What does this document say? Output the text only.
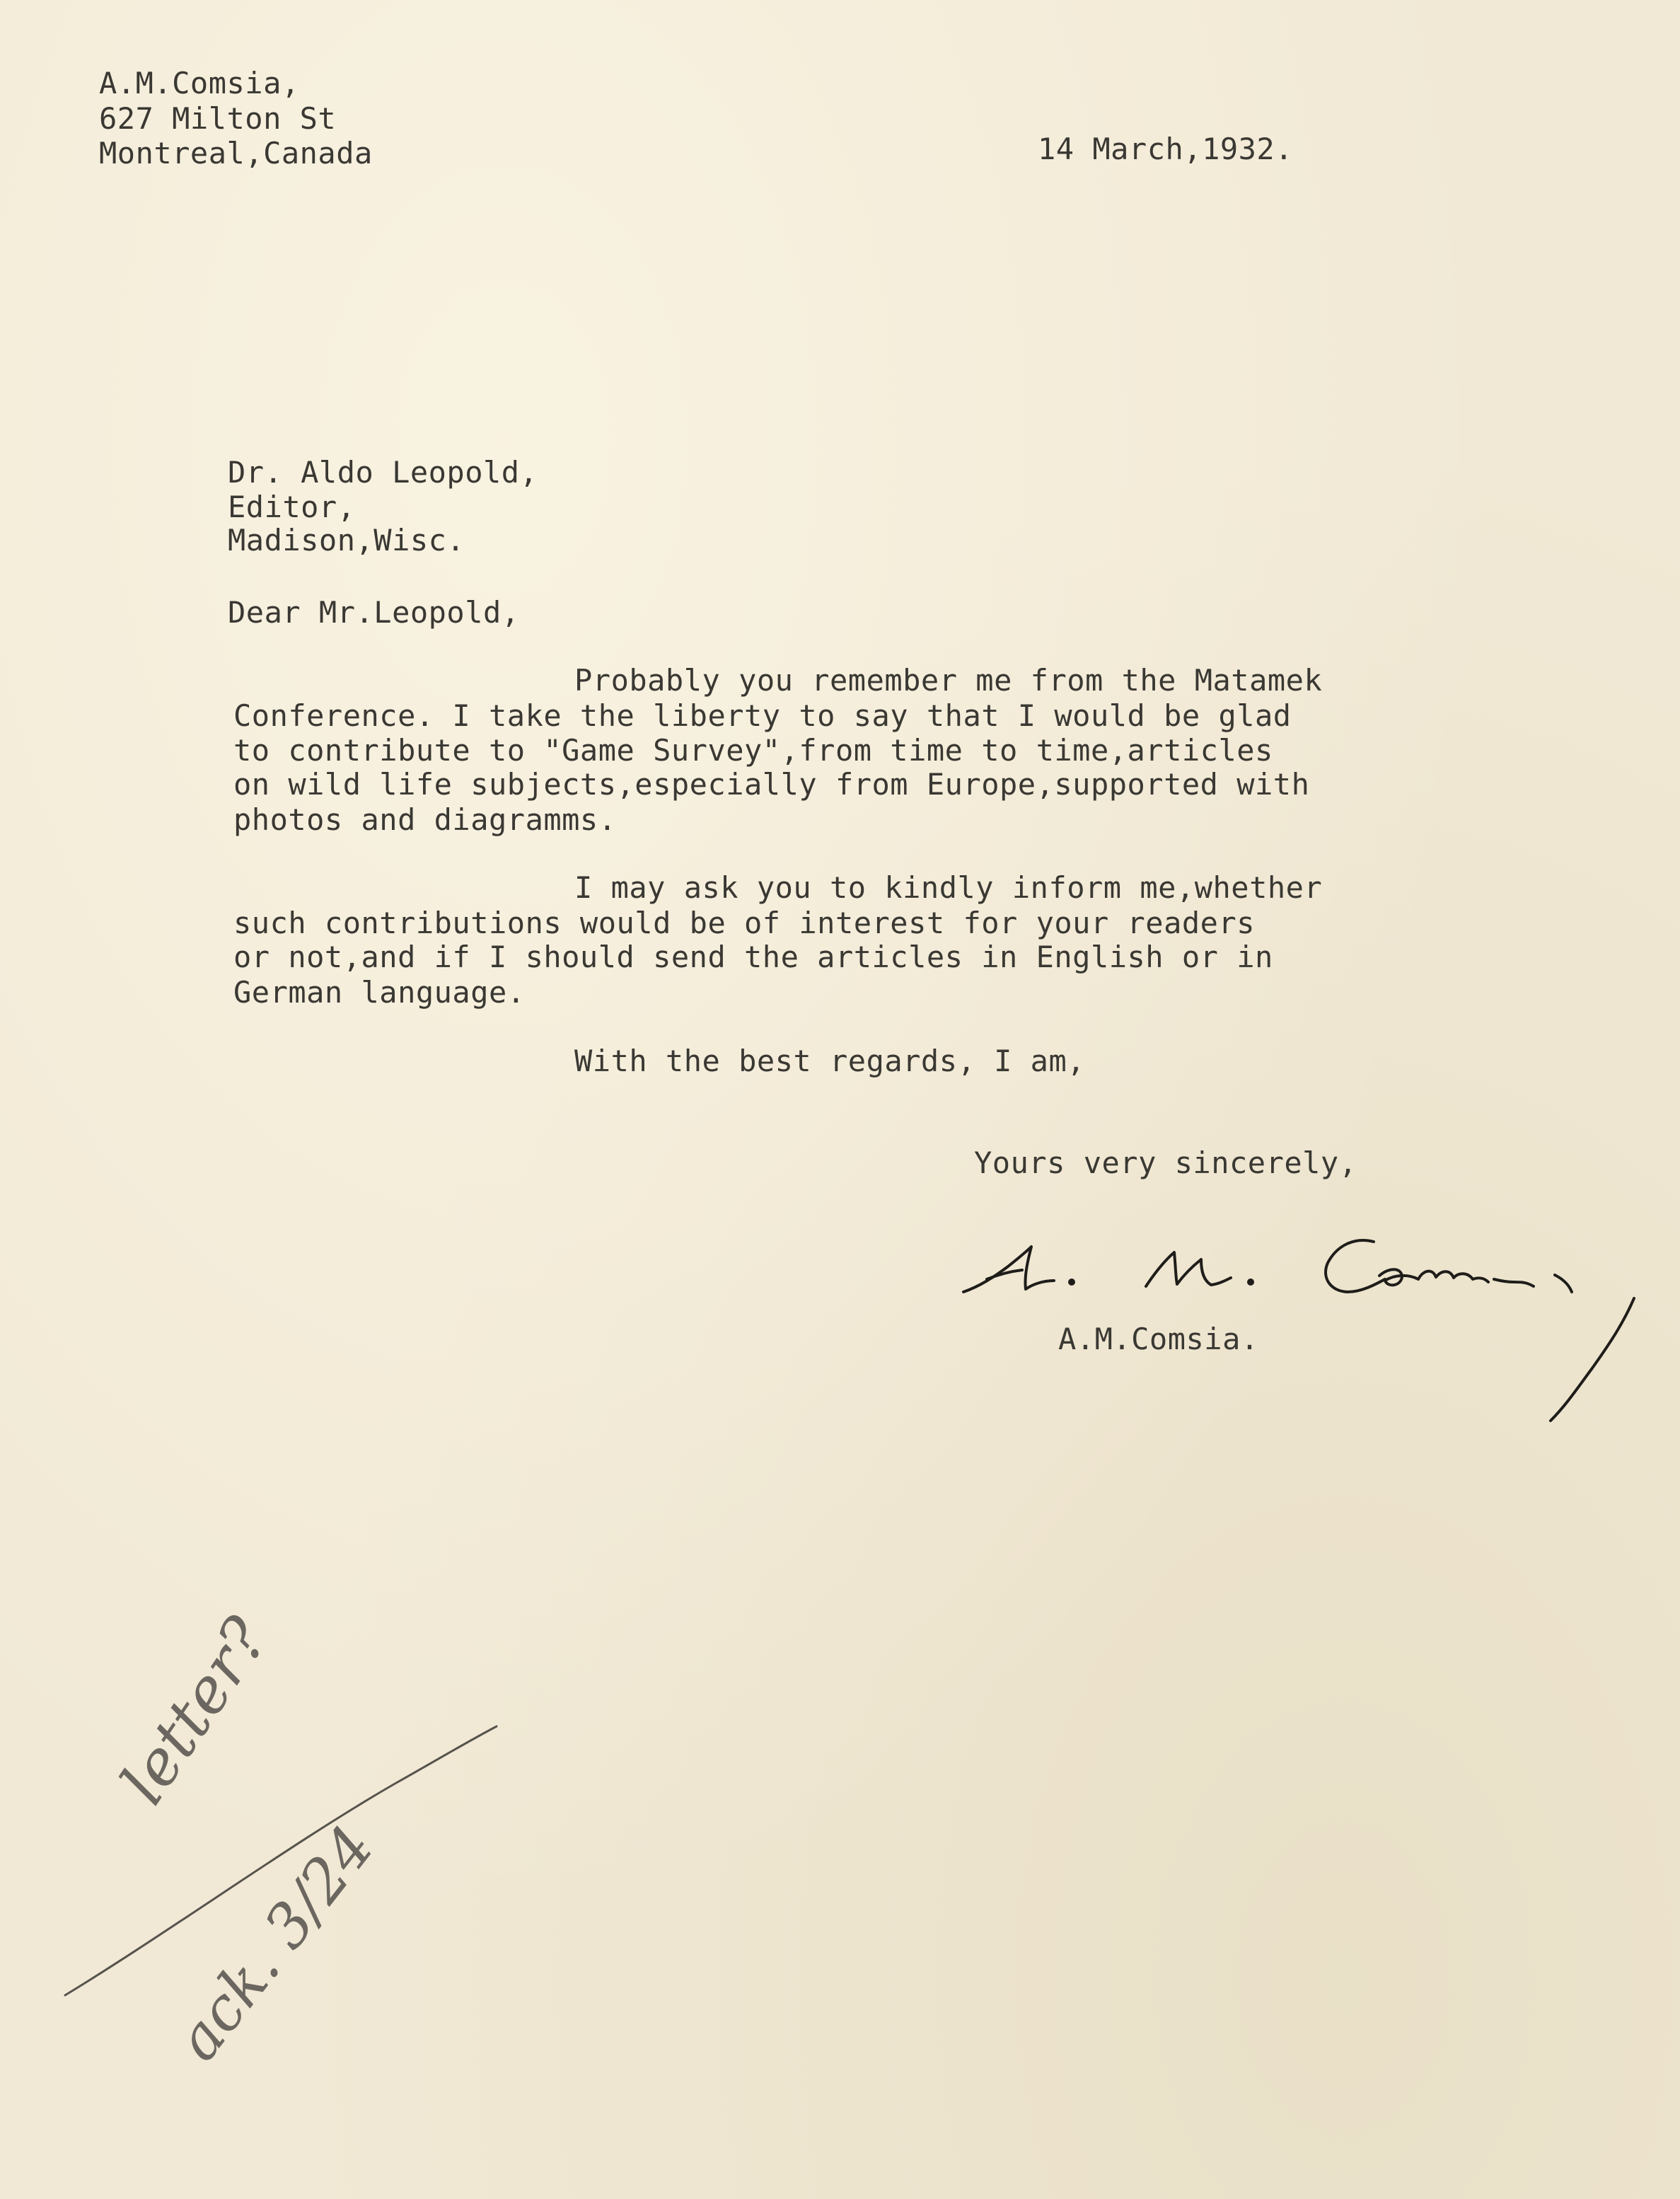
A.M.Comsia,
627 Milton St
Montreal,Canada	14 March,1932.
Dr. Aldo Leopold,
Editor,
Madison,Wisc.
Dear Mr.Leopold,
Probably you remember me from the Matamek
Conference. I take the liberty to say that I would be glad
to contribute to "Game Survey",from time to time,articles
on wild life subjects,especially from Europe,supported with
photos and diagramms.
I may ask you to kindly inform me,whether
such contributions would be of interest for your readers
or not,and if I should send the articles in English or in
German language.
With the best regards, I am,
Yours very sincerely,
A.M.Comsia.
letter?
ack. 3/24
